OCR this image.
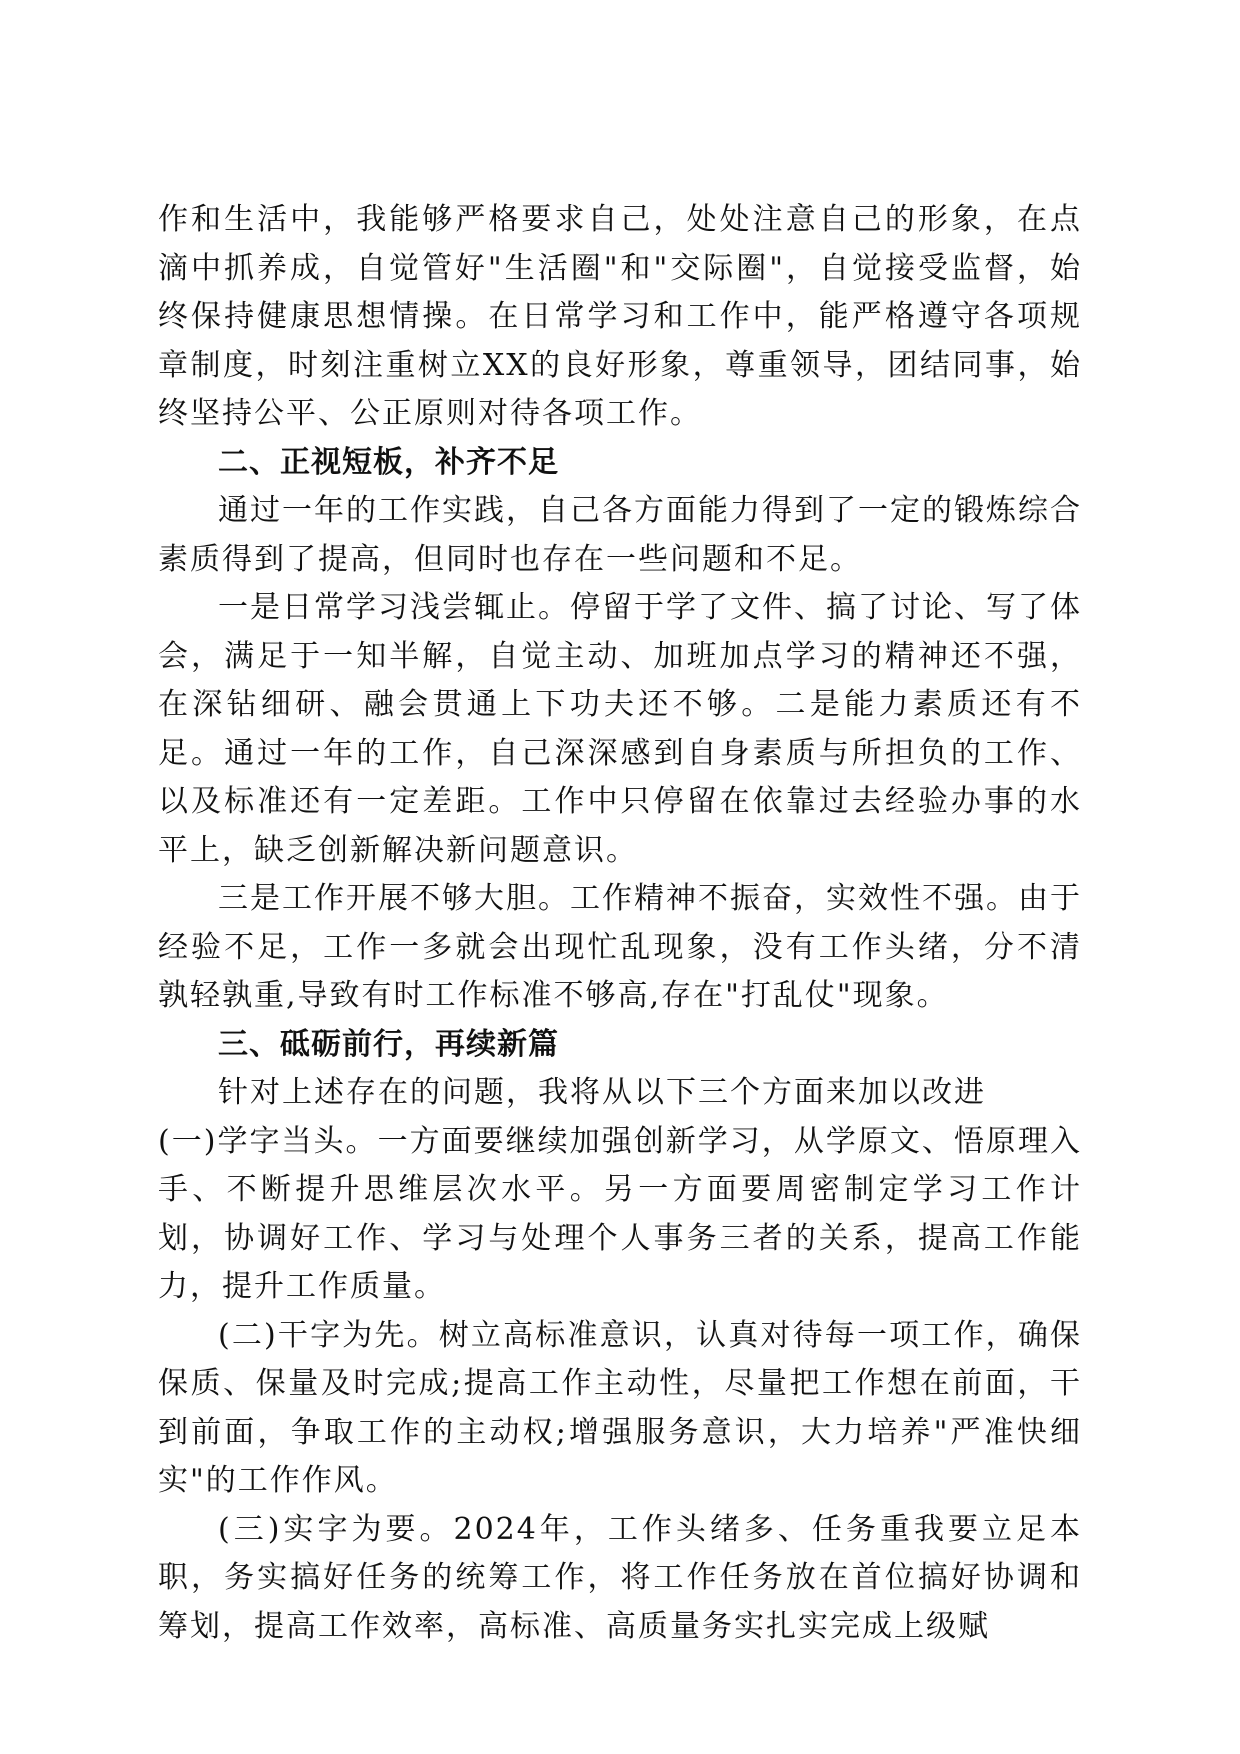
作和生活中，我能够严格要求自己，处处注意自己的形象，在点滴中抓养成，自觉管好"生活圈"和"交际圈"，自觉接受监督，始终保持健康思想情操。在日常学习和工作中，能严格遵守各项规章制度，时刻注重树立XX的良好形象，尊重领导，团结同事，始终坚持公平、公正原则对待各项工作。

二、正视短板，补齐不足

通过一年的工作实践，自己各方面能力得到了一定的锻炼综合素质得到了提高，但同时也存在一些问题和不足。

一是日常学习浅尝辄止。停留于学了文件、搞了讨论、写了体会，满足于一知半解，自觉主动、加班加点学习的精神还不强，在深钻细研、融会贯通上下功夫还不够。二是能力素质还有不足。通过一年的工作，自己深深感到自身素质与所担负的工作、以及标准还有一定差距。工作中只停留在依靠过去经验办事的水平上，缺乏创新解决新问题意识。

三是工作开展不够大胆。工作精神不振奋，实效性不强。由于经验不足，工作一多就会出现忙乱现象，没有工作头绪，分不清孰轻孰重,导致有时工作标准不够高,存在"打乱仗"现象。

三、砥砺前行，再续新篇

针对上述存在的问题，我将从以下三个方面来加以改进

(一)学字当头。一方面要继续加强创新学习，从学原文、悟原理入手、不断提升思维层次水平。另一方面要周密制定学习工作计划，协调好工作、学习与处理个人事务三者的关系，提高工作能力，提升工作质量。

(二)干字为先。树立高标准意识，认真对待每一项工作，确保保质、保量及时完成;提高工作主动性，尽量把工作想在前面，干到前面，争取工作的主动权;增强服务意识，大力培养"严准快细实"的工作作风。

(三)实字为要。2024年，工作头绪多、任务重我要立足本职，务实搞好任务的统筹工作，将工作任务放在首位搞好协调和筹划，提高工作效率，高标准、高质量务实扎实完成上级赋
